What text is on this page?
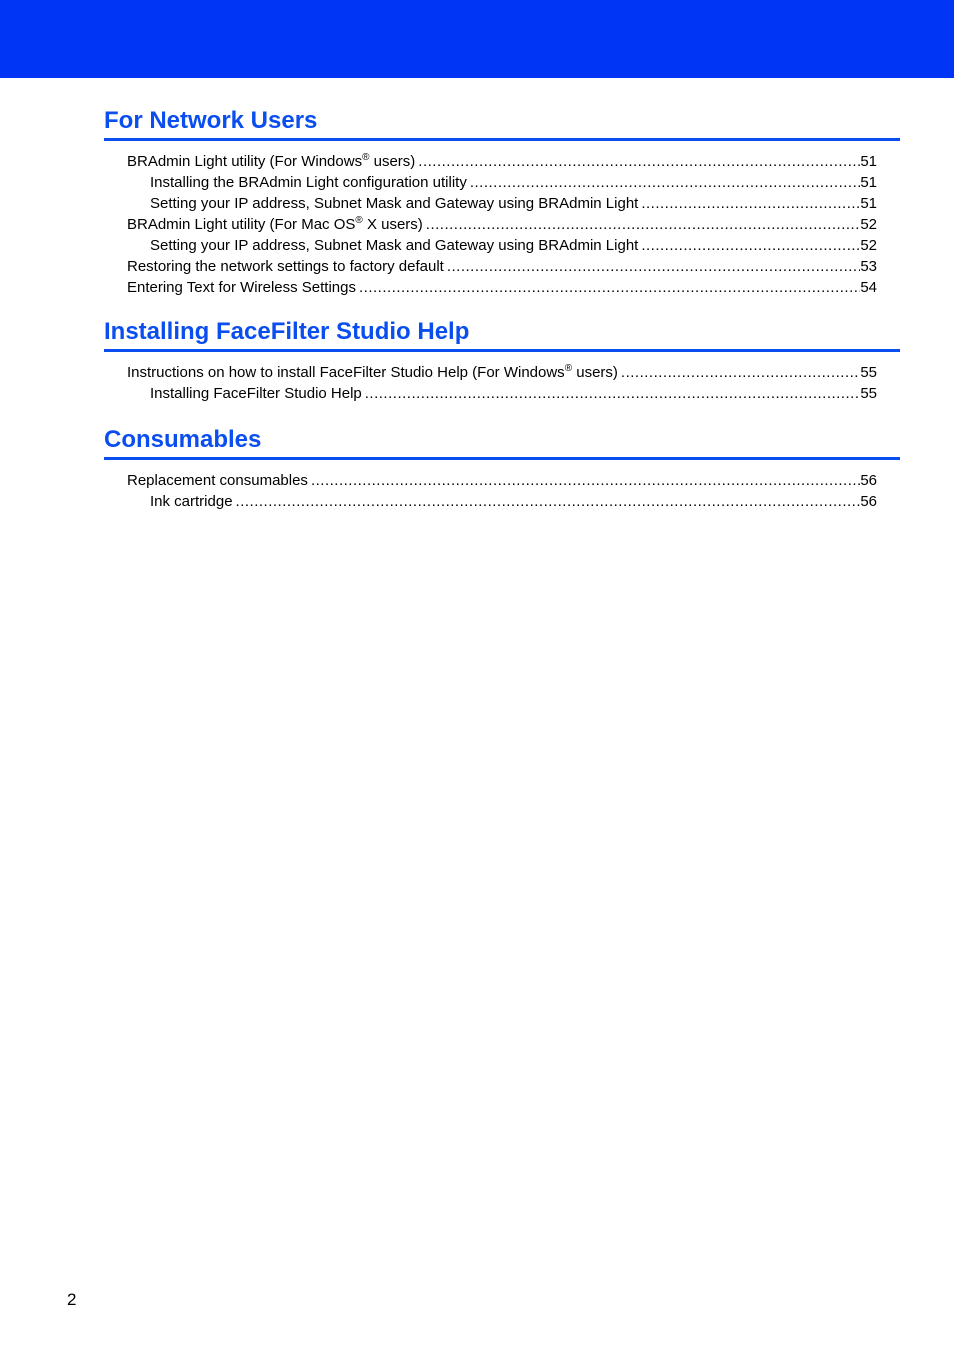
For Network Users
BRAdmin Light utility (For Windows® users) .....	51
Installing the BRAdmin Light configuration utility .....	51
Setting your IP address, Subnet Mask and Gateway using BRAdmin Light .....	51
BRAdmin Light utility (For Mac OS® X users) .....	52
Setting your IP address, Subnet Mask and Gateway using BRAdmin Light .....	52
Restoring the network settings to factory default .....	53
Entering Text for Wireless Settings .....	54
Installing FaceFilter Studio Help
Instructions on how to install FaceFilter Studio Help (For Windows® users) .....	55
Installing FaceFilter Studio Help .....	55
Consumables
Replacement consumables .....	56
Ink cartridge .....	56
2
